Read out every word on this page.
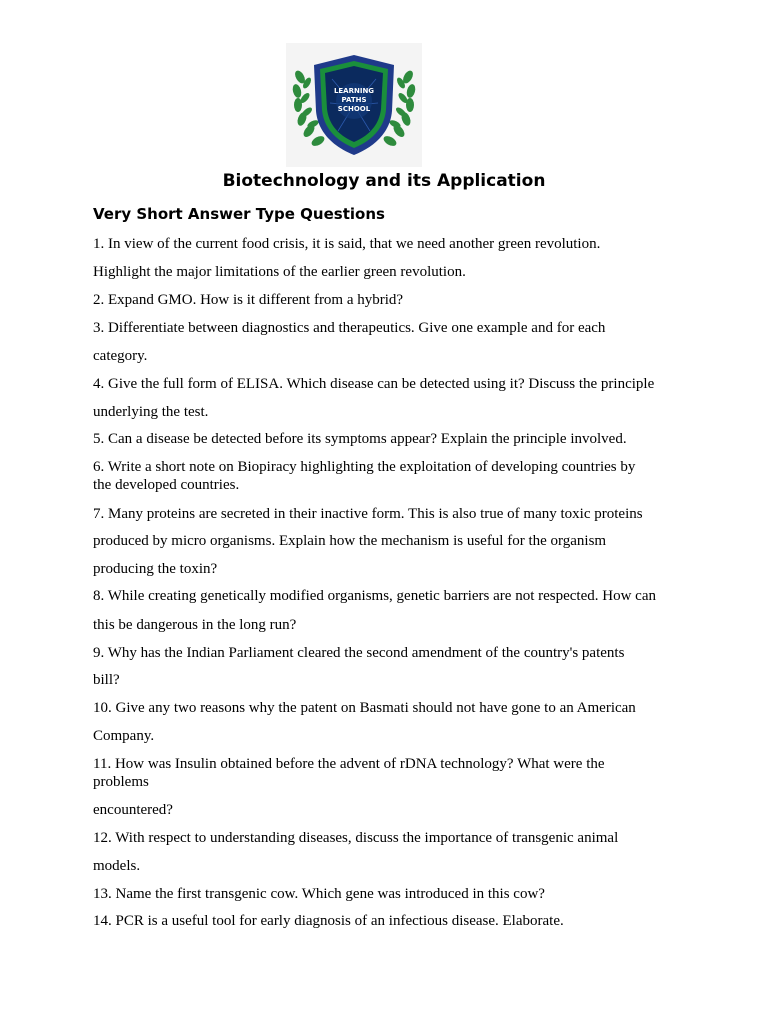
LEARNING
PATHS
SCHOOL
Biotechnology and its Application
Very Short Answer Type Questions
1. In view of the current food crisis, it is said, that we need another green revolution.
Highlight the major limitations of the earlier green revolution.
2. Expand GMO. How is it different from a hybrid?
3. Differentiate between diagnostics and therapeutics. Give one example and for each
category.
4. Give the full form of ELISA. Which disease can be detected using it? Discuss the principle
underlying the test.
5. Can a disease be detected before its symptoms appear? Explain the principle involved.
6. Write a short note on Biopiracy highlighting the exploitation of developing countries by
the developed countries.
7. Many proteins are secreted in their inactive form. This is also true of many toxic proteins
produced by micro organisms. Explain how the mechanism is useful for the organism
producing the toxin?
8. While creating genetically modified organisms, genetic barriers are not respected. How can
this be dangerous in the long run?
9. Why has the Indian Parliament cleared the second amendment of the country's patents
bill?
10. Give any two reasons why the patent on Basmati should not have gone to an American
Company.
11. How was Insulin obtained before the advent of rDNA technology? What were the
problems
encountered?
12. With respect to understanding diseases, discuss the importance of transgenic animal
models.
13. Name the first transgenic cow. Which gene was introduced in this cow?
14. PCR is a useful tool for early diagnosis of an infectious disease. Elaborate.
